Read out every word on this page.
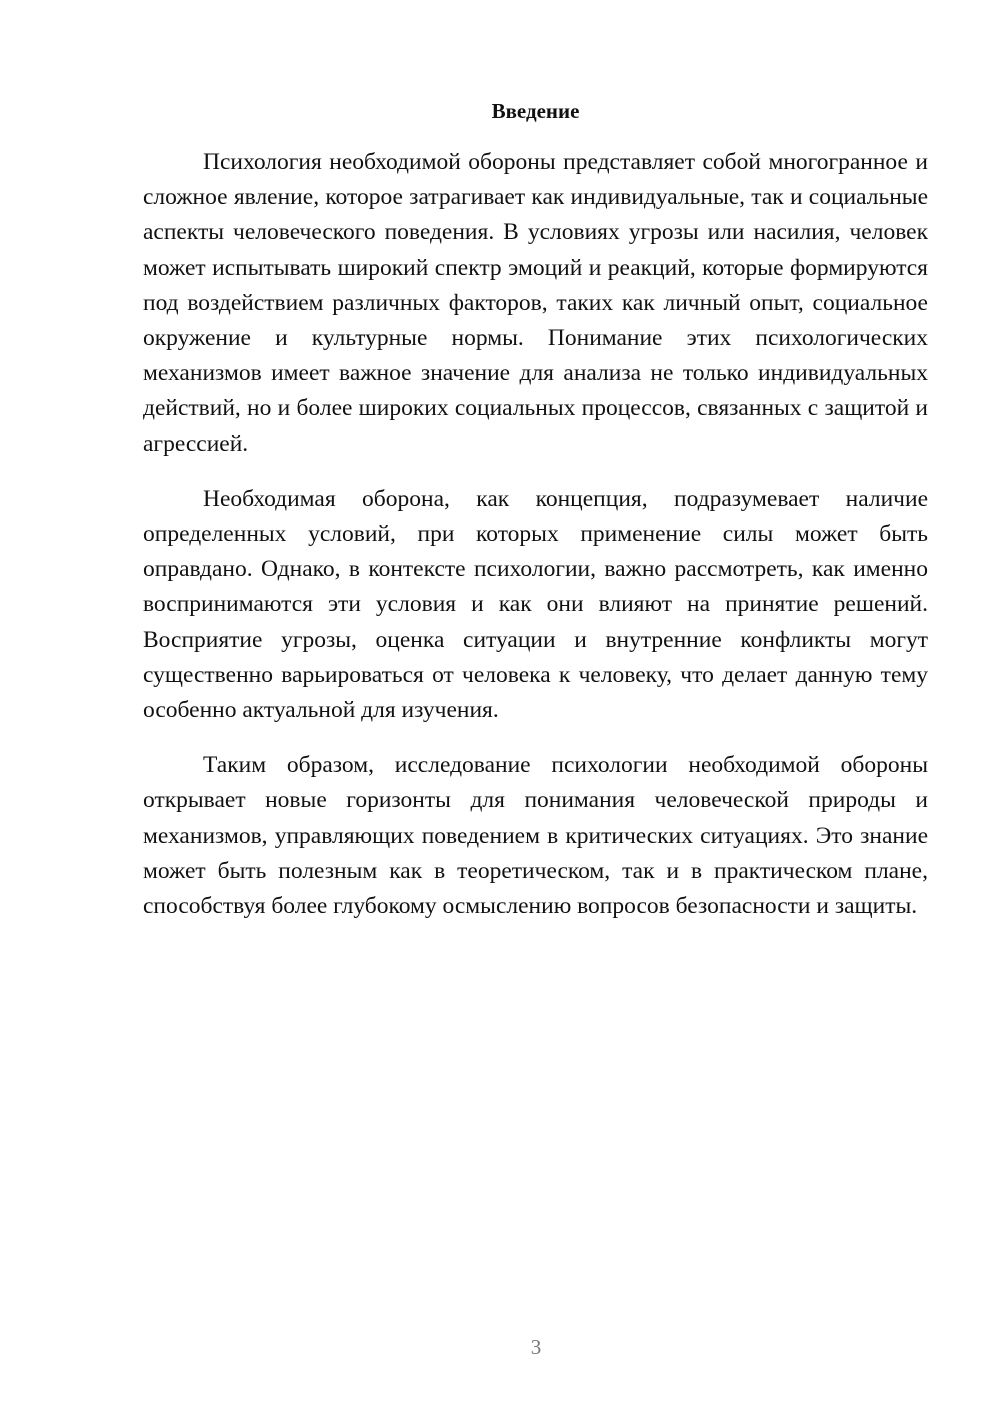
Введение

Психология необходимой обороны представляет собой многогранное и сложное явление, которое затрагивает как индивидуальные, так и социальные аспекты человеческого поведения. В условиях угрозы или насилия, человек может испытывать широкий спектр эмоций и реакций, которые формируются под воздействием различных факторов, таких как личный опыт, социальное окружение и культурные нормы. Понимание этих психологических механизмов имеет важное значение для анализа не только индивидуальных действий, но и более широких социальных процессов, связанных с защитой и агрессией.

Необходимая оборона, как концепция, подразумевает наличие определенных условий, при которых применение силы может быть оправдано. Однако, в контексте психологии, важно рассмотреть, как именно воспринимаются эти условия и как они влияют на принятие решений. Восприятие угрозы, оценка ситуации и внутренние конфликты могут существенно варьироваться от человека к человеку, что делает данную тему особенно актуальной для изучения.

Таким образом, исследование психологии необходимой обороны открывает новые горизонты для понимания человеческой природы и механизмов, управляющих поведением в критических ситуациях. Это знание может быть полезным как в теоретическом, так и в практическом плане, способствуя более глубокому осмыслению вопросов безопасности и защиты.

3
